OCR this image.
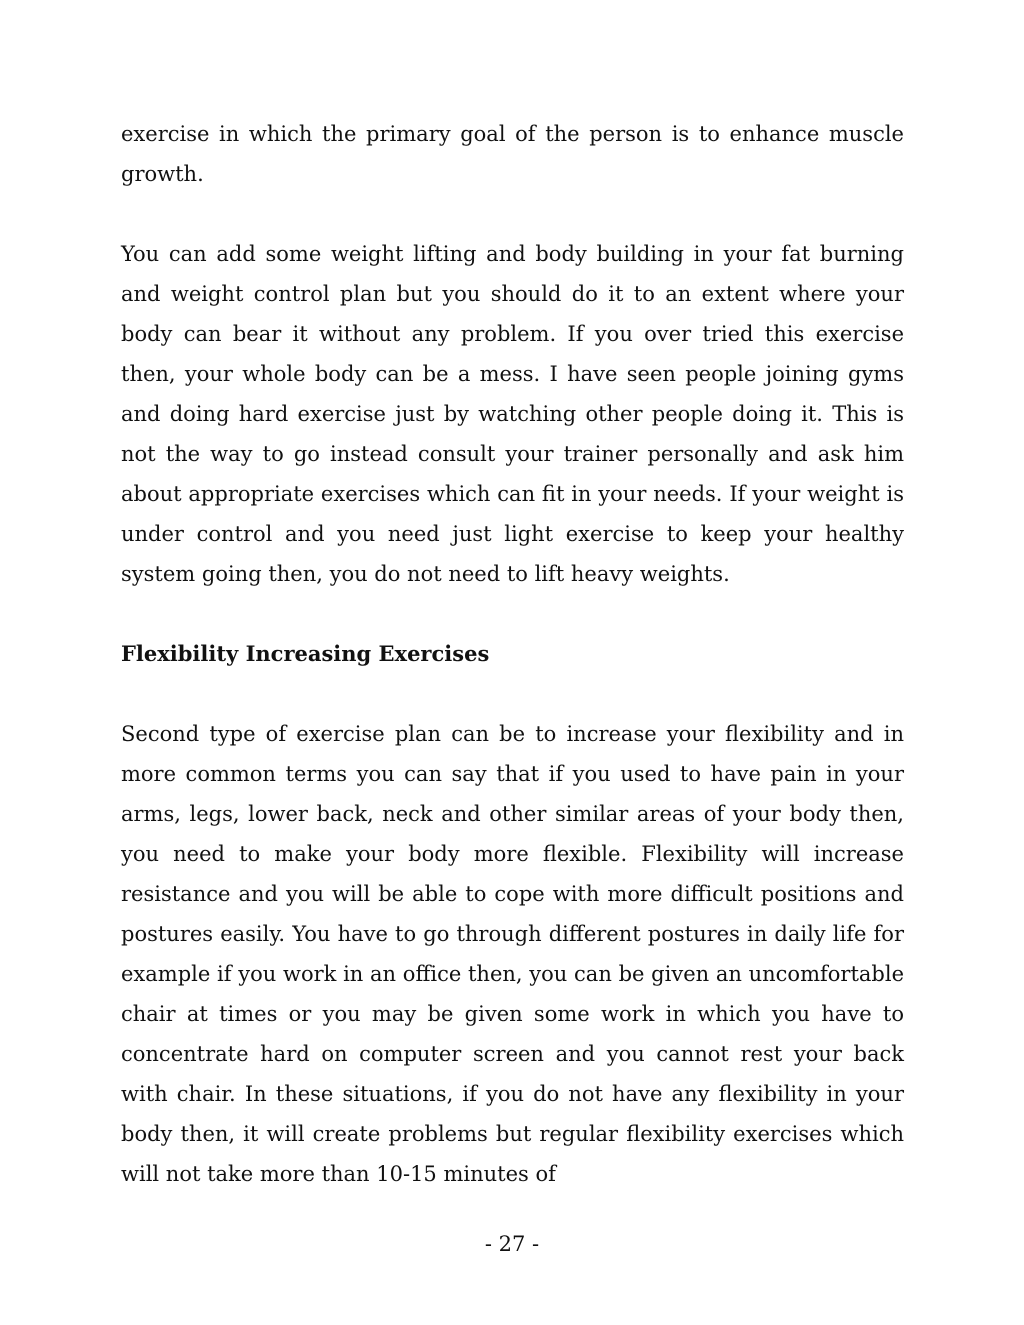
exercise in which the primary goal of the person is to enhance muscle growth.

You can add some weight lifting and body building in your fat burning and weight control plan but you should do it to an extent where your body can bear it without any problem. If you over tried this exercise then, your whole body can be a mess. I have seen people joining gyms and doing hard exercise just by watching other people doing it. This is not the way to go instead consult your trainer personally and ask him about appropriate exercises which can fit in your needs. If your weight is under control and you need just light exercise to keep your healthy system going then, you do not need to lift heavy weights.

Flexibility Increasing Exercises

Second type of exercise plan can be to increase your flexibility and in more common terms you can say that if you used to have pain in your arms, legs, lower back, neck and other similar areas of your body then, you need to make your body more flexible. Flexibility will increase resistance and you will be able to cope with more difficult positions and postures easily. You have to go through different postures in daily life for example if you work in an office then, you can be given an uncomfortable chair at times or you may be given some work in which you have to concentrate hard on computer screen and you cannot rest your back with chair. In these situations, if you do not have any flexibility in your body then, it will create problems but regular flexibility exercises which will not take more than 10-15 minutes of

- 27 -
